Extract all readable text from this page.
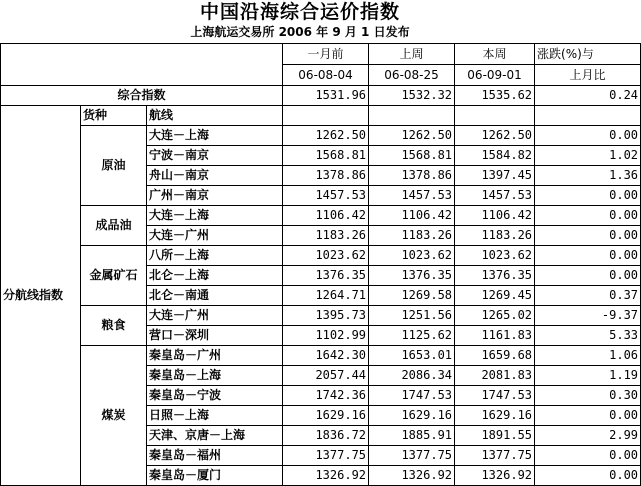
中国沿海综合运价指数
上海航运交易所 2006 年 9 月 1 日发布
			一月前	上周	本周	涨跌(%)与
			06-08-04	06-08-25	06-09-01	上月比
综合指数			1531.96	1532.32	1535.62	0.24
分航线指数	货种	航线				
	原油	大连－上海	1262.50	1262.50	1262.50	0.00
		宁波－南京	1568.81	1568.81	1584.82	1.02
		舟山－南京	1378.86	1378.86	1397.45	1.36
		广州－南京	1457.53	1457.53	1457.53	0.00
	成品油	大连－上海	1106.42	1106.42	1106.42	0.00
		大连－广州	1183.26	1183.26	1183.26	0.00
	金属矿石	八所－上海	1023.62	1023.62	1023.62	0.00
		北仑－上海	1376.35	1376.35	1376.35	0.00
		北仑－南通	1264.71	1269.58	1269.45	0.37
	粮食	大连－广州	1395.73	1251.56	1265.02	-9.37
		营口－深圳	1102.99	1125.62	1161.83	5.33
	煤炭	秦皇岛－广州	1642.30	1653.01	1659.68	1.06
		秦皇岛－上海	2057.44	2086.34	2081.83	1.19
		秦皇岛－宁波	1742.36	1747.53	1747.53	0.30
		日照－上海	1629.16	1629.16	1629.16	0.00
		天津、京唐－上海	1836.72	1885.91	1891.55	2.99
		秦皇岛－福州	1377.75	1377.75	1377.75	0.00
		秦皇岛－厦门	1326.92	1326.92	1326.92	0.00
